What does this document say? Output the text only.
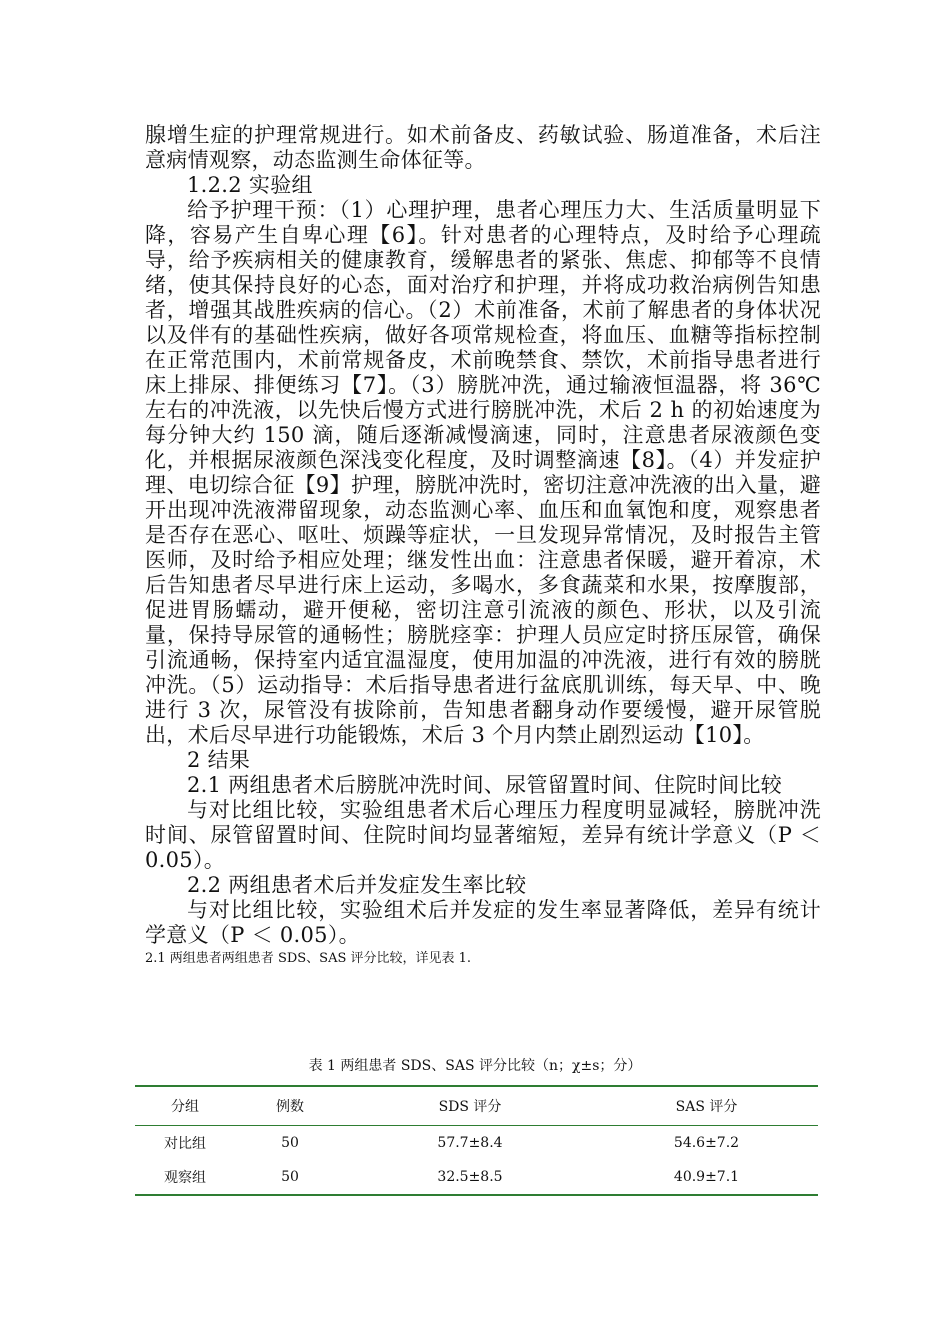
腺增生症的护理常规进行。如术前备皮、药敏试验、肠道准备，术后注意病情观察，动态监测生命体征等。

1.2.2 实验组

给予护理干预：（1）心理护理，患者心理压力大、生活质量明显下降，容易产生自卑心理【6】。针对患者的心理特点，及时给予心理疏导，给予疾病相关的健康教育，缓解患者的紧张、焦虑、抑郁等不良情绪，使其保持良好的心态，面对治疗和护理，并将成功救治病例告知患者，增强其战胜疾病的信心。（2）术前准备，术前了解患者的身体状况以及伴有的基础性疾病，做好各项常规检查，将血压、血糖等指标控制在正常范围内，术前常规备皮，术前晚禁食、禁饮，术前指导患者进行床上排尿、排便练习【7】。（3）膀胱冲洗，通过输液恒温器，将 36℃左右的冲洗液，以先快后慢方式进行膀胱冲洗，术后 2 h 的初始速度为每分钟大约 150 滴，随后逐渐减慢滴速，同时，注意患者尿液颜色变化，并根据尿液颜色深浅变化程度，及时调整滴速【8】。（4）并发症护理、电切综合征【9】护理，膀胱冲洗时，密切注意冲洗液的出入量，避开出现冲洗液滞留现象，动态监测心率、血压和血氧饱和度，观察患者是否存在恶心、呕吐、烦躁等症状，一旦发现异常情况，及时报告主管医师，及时给予相应处理；继发性出血：注意患者保暖，避开着凉，术后告知患者尽早进行床上运动，多喝水，多食蔬菜和水果，按摩腹部，促进胃肠蠕动，避开便秘，密切注意引流液的颜色、形状，以及引流量，保持导尿管的通畅性；膀胱痉挛：护理人员应定时挤压尿管，确保引流通畅，保持室内适宜温湿度，使用加温的冲洗液，进行有效的膀胱冲洗。（5）运动指导：术后指导患者进行盆底肌训练，每天早、中、晚进行 3 次，尿管没有拔除前，告知患者翻身动作要缓慢，避开尿管脱出，术后尽早进行功能锻炼，术后 3 个月内禁止剧烈运动【10】。

2 结果

2.1 两组患者术后膀胱冲洗时间、尿管留置时间、住院时间比较

与对比组比较，实验组患者术后心理压力程度明显减轻，膀胱冲洗时间、尿管留置时间、住院时间均显著缩短，差异有统计学意义（P ＜ 0.05）。

2.2 两组患者术后并发症发生率比较

与对比组比较，实验组术后并发症的发生率显著降低，差异有统计学意义（P ＜ 0.05）。

2.1 两组患者两组患者 SDS、SAS 评分比较，详见表 1.

表 1 两组患者 SDS、SAS 评分比较（n；χ±s；分）
分组	例数	SDS 评分	SAS 评分
对比组	50	57.7±8.4	54.6±7.2
观察组	50	32.5±8.5	40.9±7.1
